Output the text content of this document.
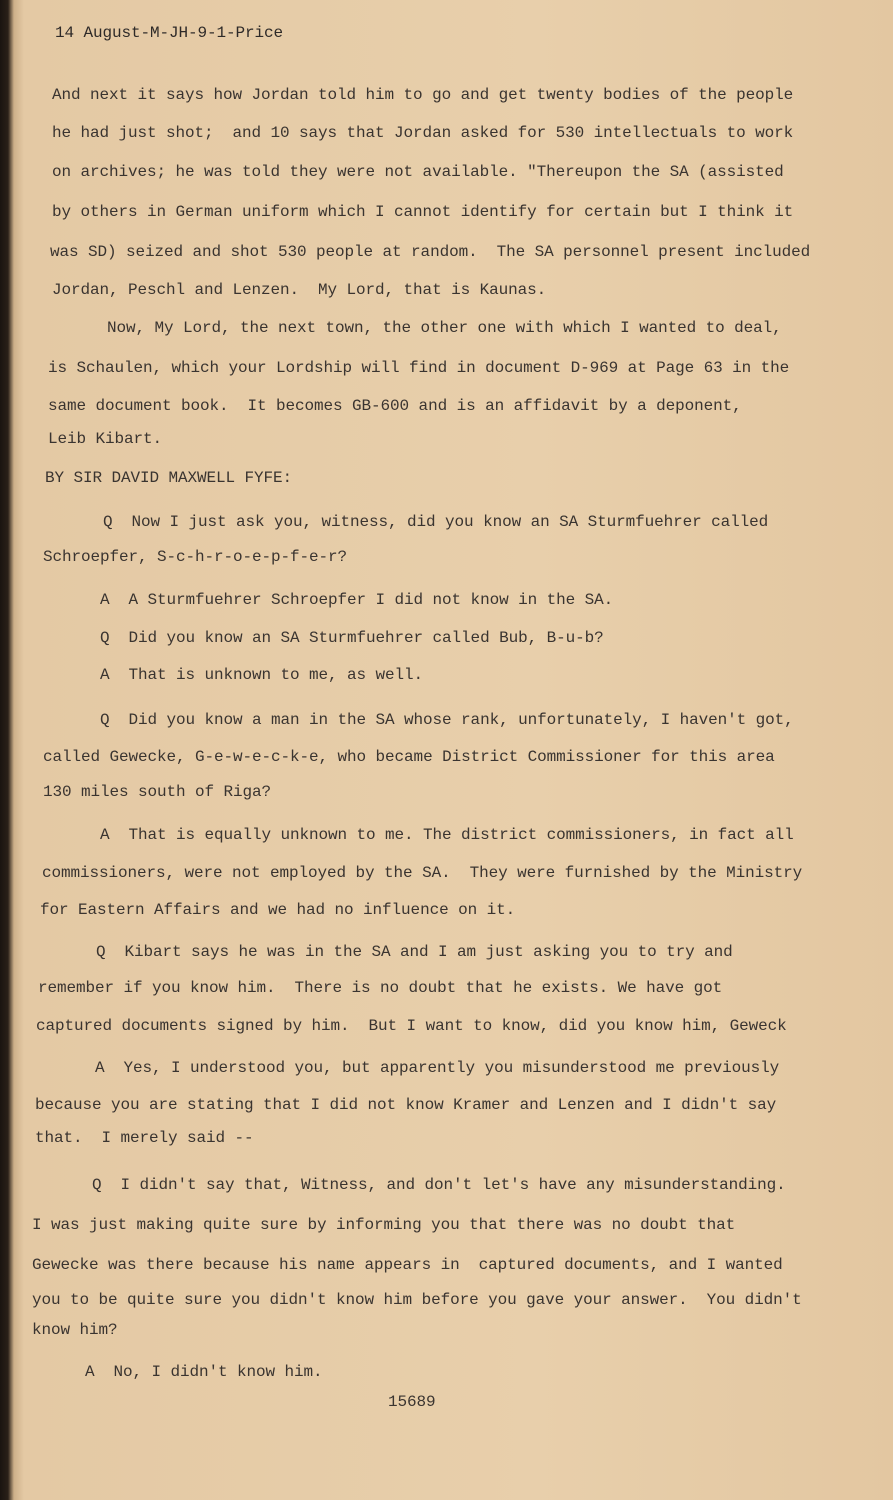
14 August-M-JH-9-1-Price
And next it says how Jordan told him to go and get twenty bodies of the people
he had just shot;  and 10 says that Jordan asked for 530 intellectuals to work
on archives; he was told they were not available. "Thereupon the SA (assisted
by others in German uniform which I cannot identify for certain but I think it
was SD) seized and shot 530 people at random.  The SA personnel present included
Jordan, Peschl and Lenzen.  My Lord, that is Kaunas.
Now, My Lord, the next town, the other one with which I wanted to deal,
is Schaulen, which your Lordship will find in document D-969 at Page 63 in the
same document book.  It becomes GB-600 and is an affidavit by a deponent,
Leib Kibart.
BY SIR DAVID MAXWELL FYFE:
Q  Now I just ask you, witness, did you know an SA Sturmfuehrer called
Schroepfer, S-c-h-r-o-e-p-f-e-r?
A  A Sturmfuehrer Schroepfer I did not know in the SA.
Q  Did you know an SA Sturmfuehrer called Bub, B-u-b?
A  That is unknown to me, as well.
Q  Did you know a man in the SA whose rank, unfortunately, I haven't got,
called Gewecke, G-e-w-e-c-k-e, who became District Commissioner for this area
130 miles south of Riga?
A  That is equally unknown to me. The district commissioners, in fact all
commissioners, were not employed by the SA.  They were furnished by the Ministry
for Eastern Affairs and we had no influence on it.
Q  Kibart says he was in the SA and I am just asking you to try and
remember if you know him.  There is no doubt that he exists. We have got
captured documents signed by him.  But I want to know, did you know him, Geweck
A  Yes, I understood you, but apparently you misunderstood me previously
because you are stating that I did not know Kramer and Lenzen and I didn't say
that.  I merely said --
Q  I didn't say that, Witness, and don't let's have any misunderstanding.
I was just making quite sure by informing you that there was no doubt that
Gewecke was there because his name appears in  captured documents, and I wanted
you to be quite sure you didn't know him before you gave your answer.  You didn't
know him?
A  No, I didn't know him.
15689
